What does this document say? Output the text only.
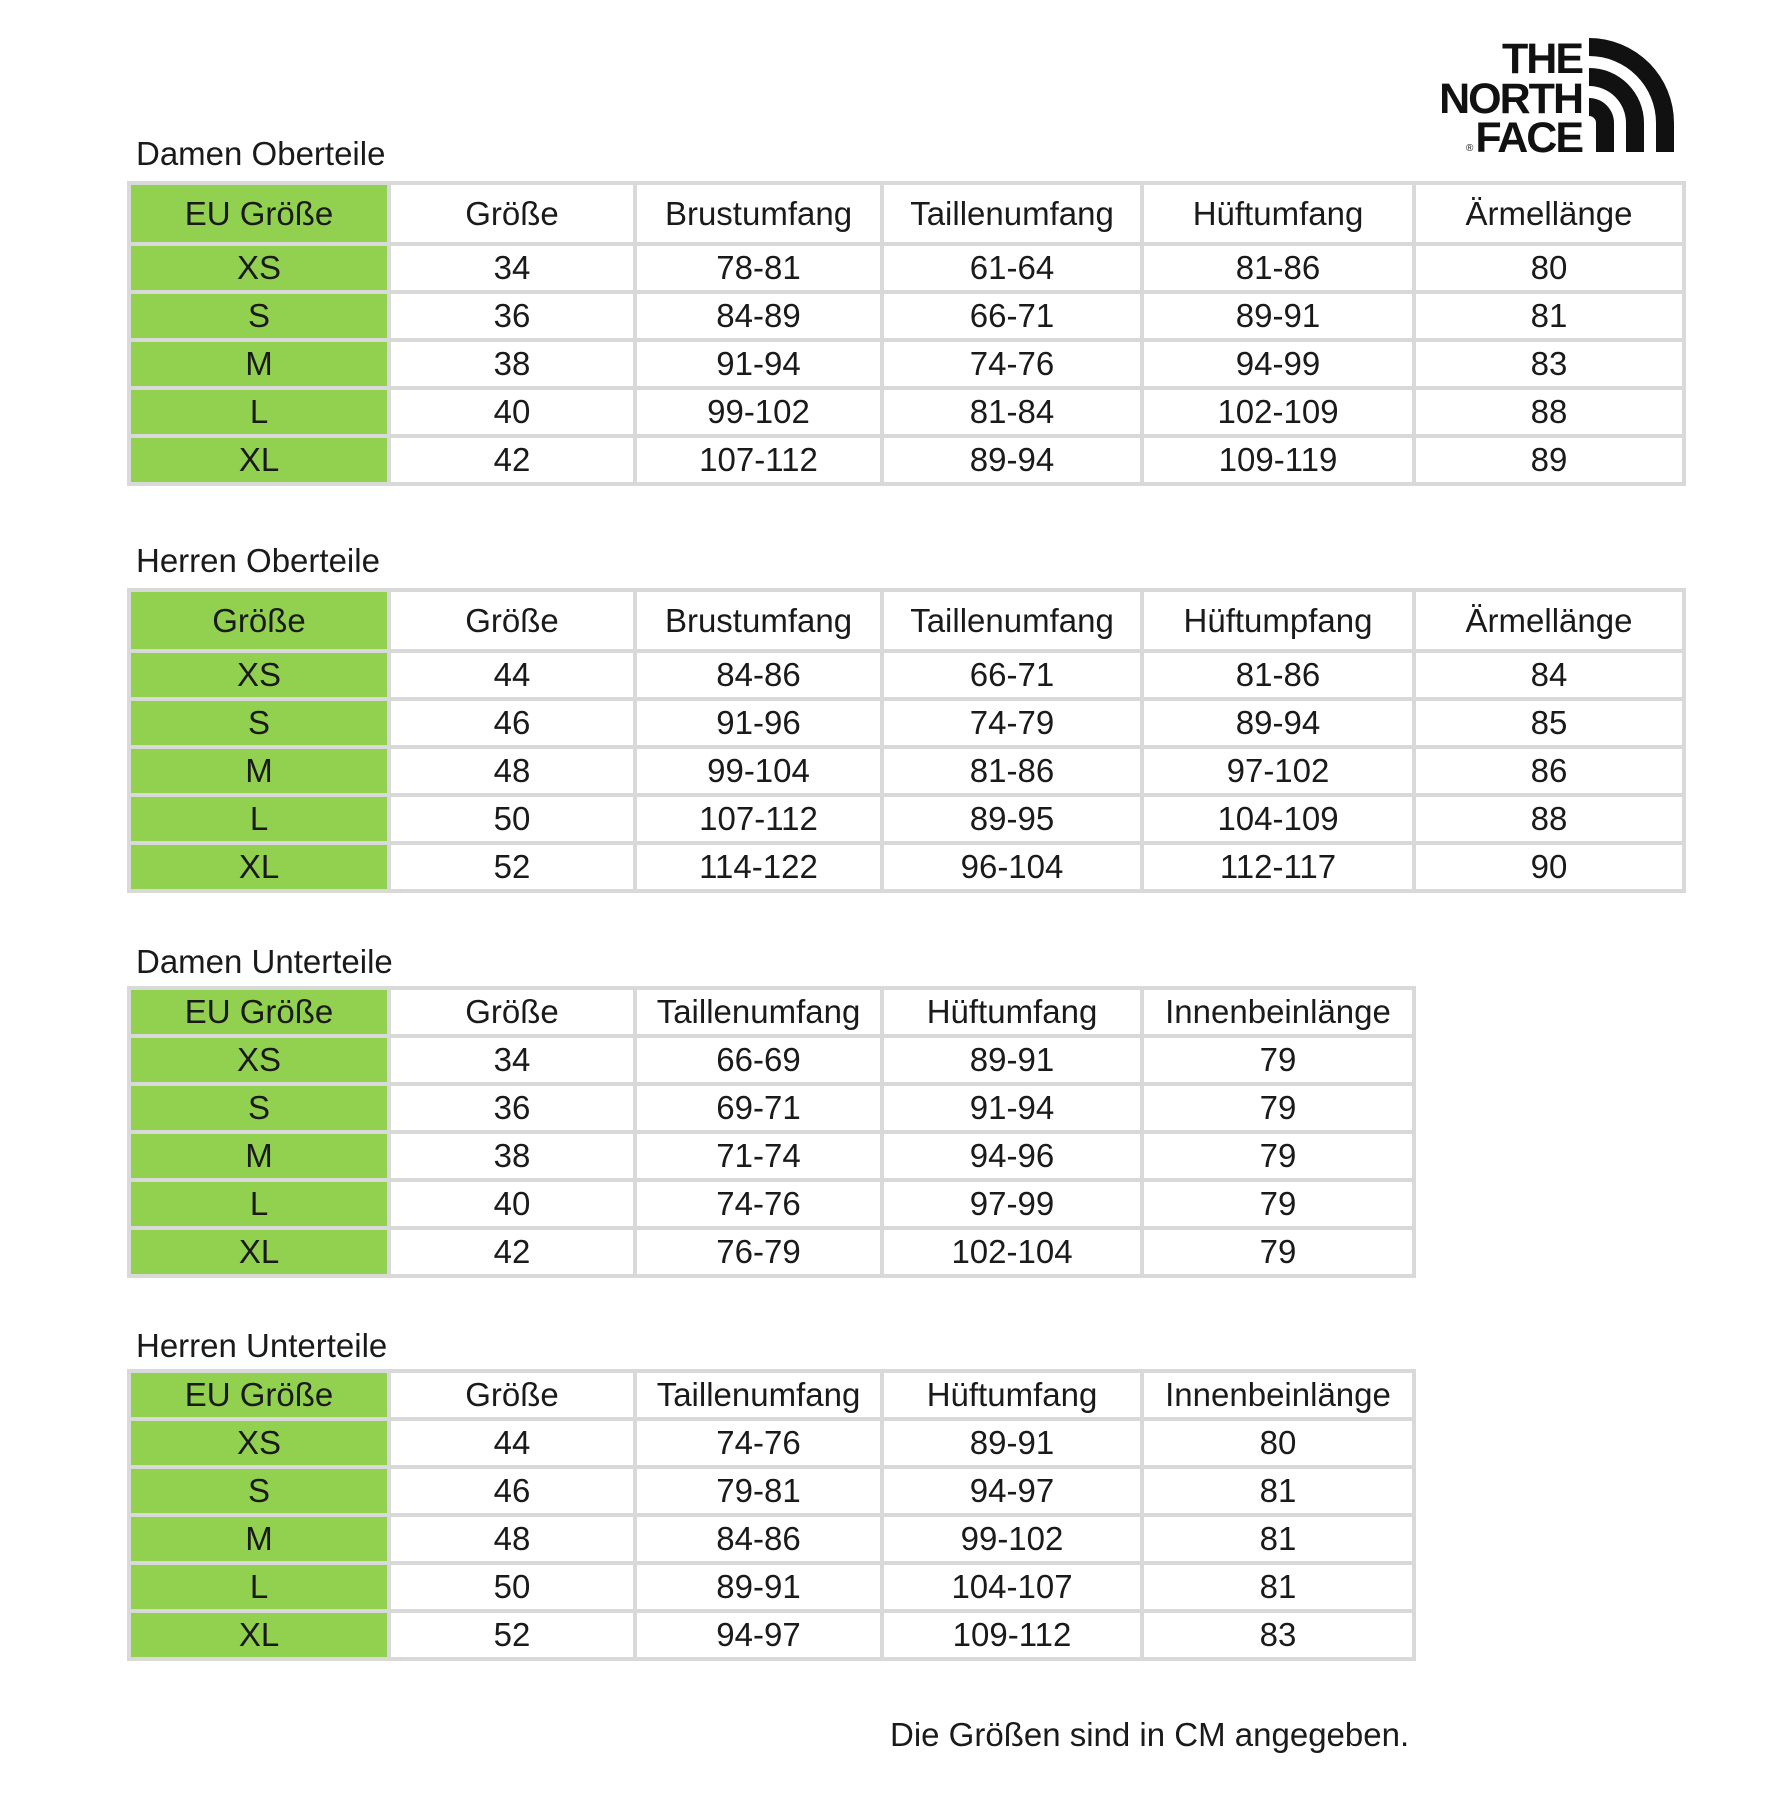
THE
NORTH
FACE
®
Damen Oberteile
EU Größe	Größe	Brustumfang	Taillenumfang	Hüftumfang	Ärmellänge
XS	34	78-81	61-64	81-86	80
S	36	84-89	66-71	89-91	81
M	38	91-94	74-76	94-99	83
L	40	99-102	81-84	102-109	88
XL	42	107-112	89-94	109-119	89
Herren Oberteile
Größe	Größe	Brustumfang	Taillenumfang	Hüftumpfang	Ärmellänge
XS	44	84-86	66-71	81-86	84
S	46	91-96	74-79	89-94	85
M	48	99-104	81-86	97-102	86
L	50	107-112	89-95	104-109	88
XL	52	114-122	96-104	112-117	90
Damen Unterteile
EU Größe	Größe	Taillenumfang	Hüftumfang	Innenbeinlänge
XS	34	66-69	89-91	79
S	36	69-71	91-94	79
M	38	71-74	94-96	79
L	40	74-76	97-99	79
XL	42	76-79	102-104	79
Herren Unterteile
EU Größe	Größe	Taillenumfang	Hüftumfang	Innenbeinlänge
XS	44	74-76	89-91	80
S	46	79-81	94-97	81
M	48	84-86	99-102	81
L	50	89-91	104-107	81
XL	52	94-97	109-112	83
Die Größen sind in CM angegeben.
